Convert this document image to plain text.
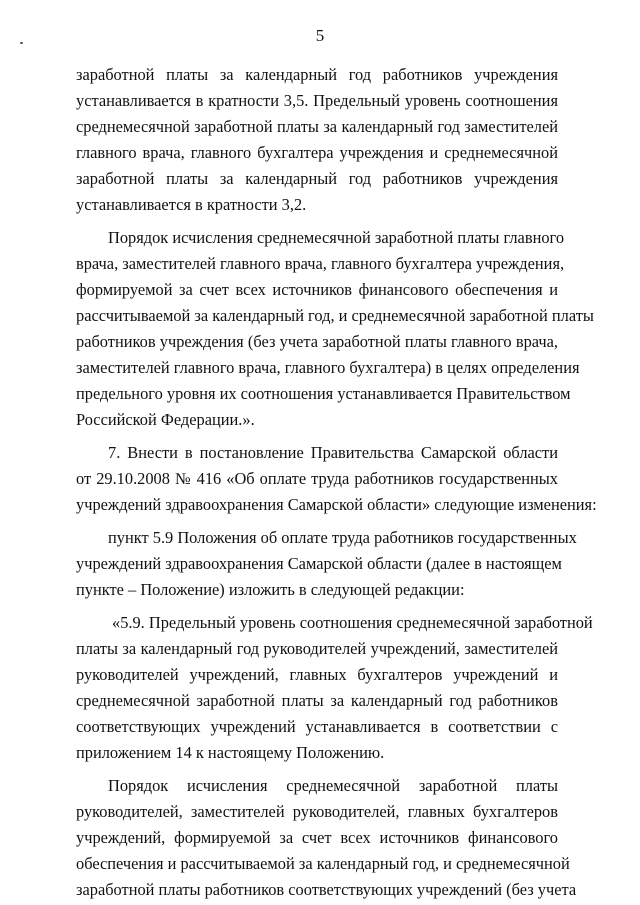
5
заработной платы за календарный год работников учреждения
устанавливается в кратности 3,5. Предельный уровень соотношения
среднемесячной заработной платы за календарный год заместителей
главного врача, главного бухгалтера учреждения и среднемесячной
заработной платы за календарный год работников учреждения
устанавливается в кратности 3,2.
Порядок исчисления среднемесячной заработной платы главного
врача, заместителей главного врача, главного бухгалтера учреждения,
формируемой за счет всех источников финансового обеспечения и
рассчитываемой за календарный год, и среднемесячной заработной платы
работников учреждения (без учета заработной платы главного врача,
заместителей главного врача, главного бухгалтера) в целях определения
предельного уровня их соотношения устанавливается Правительством
Российской Федерации.».
7. Внести в постановление Правительства Самарской области
от 29.10.2008 № 416 «Об оплате труда работников государственных
учреждений здравоохранения Самарской области» следующие изменения:
пункт 5.9 Положения об оплате труда работников государственных
учреждений здравоохранения Самарской области (далее в настоящем
пункте – Положение) изложить в следующей редакции:
«5.9. Предельный уровень соотношения среднемесячной заработной
платы за календарный год руководителей учреждений, заместителей
руководителей учреждений, главных бухгалтеров учреждений и
среднемесячной заработной платы за календарный год работников
соответствующих учреждений устанавливается в соответствии с
приложением 14 к настоящему Положению.
Порядок исчисления среднемесячной заработной платы
руководителей, заместителей руководителей, главных бухгалтеров
учреждений, формируемой за счет всех источников финансового
обеспечения и рассчитываемой за календарный год, и среднемесячной
заработной платы работников соответствующих учреждений (без учета
